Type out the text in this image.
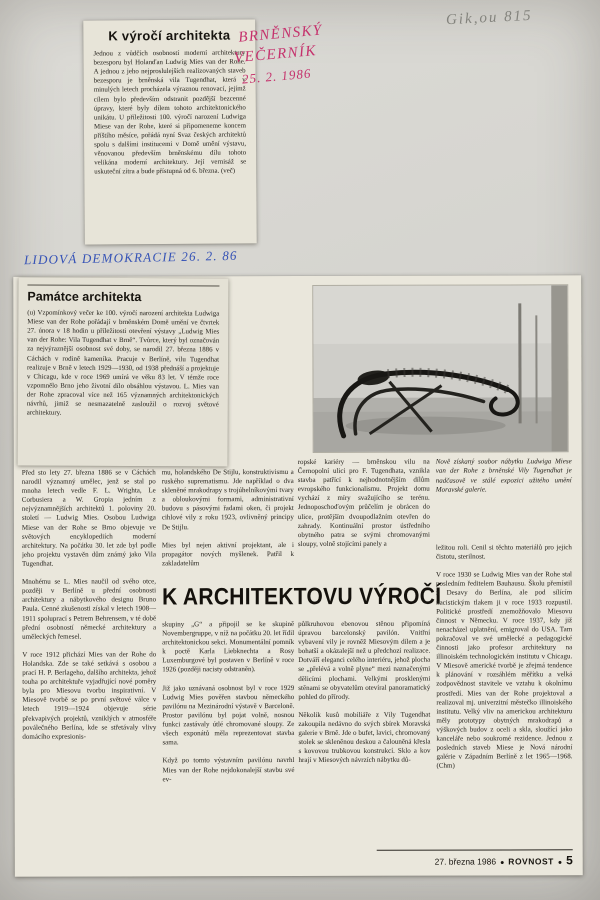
BRNĚNSKÝ
VEČERNÍK
25. 2. 1986
Gik,ou 815
LIDOVÁ DEMOKRACIE 26. 2. 86
K výročí architekta

Jednou z vůdčích osobností moderní architektury bezesporu byl Holanďan Ludwig Mies van der Rohe. A jednou z jeho nejproslulejších realizovaných staveb bezesporu je brněnská vila Tugendhat, která v minulých letech procházela výraznou renovací, jejímž cílem bylo především odstranit pozdější bezcenné úpravy, které byly dílem tohoto architektonického unikátu. U příležitosti 100. výročí narození Ludwiga Miese van der Rohe, které si připomeneme koncem příštího měsíce, pořádá nyní Svaz českých architektů spolu s dalšími institucemi v Domě umění výstavu, věnovanou především brněnskému dílu tohoto velikána moderní architektury. Její vernisáž se uskuteční zítra a bude přístupná od 6. března. (več)

Nově získaný soubor nábytku Ludwiga Miese van der Rohe z brněnské Vily Tugendhat je nadčasově ve stálé expozici užitého umění Moravské galerie.

Před sto lety 27. března 1886 se v Cáchách narodil významný umělec, jenž se stal po mnoha letech vedle F. L. Wrighta, Le Corbusiera a W. Gropia jedním z nejvýznamnějších architektů 1. poloviny 20. století — Ludwig Mies. Osobou Ludwiga Miese van der Rohe se Brno objevuje ve světových encyklopediích moderní architektury. Na počátku 30. let zde byl podle jeho projektu vystavěn dům známý jako Vila Tugendhat.

Mnohému se L. Mies naučil od svého otce, později v Berlíně u přední osobnosti architektury a nábytkového designu Bruno Paula. Cenné zkušenosti získal v letech 1908—1911 spoluprací s Petrem Behrensem, v té době přední osobností německé architektury a uměleckých řemesel.

V roce 1912 přichází Mies van der Rohe do Holandska. Zde se také setkává s osobou a prací H. P. Berlageho, dalšího architekta, jehož touha po architektuře vyjadřující nové poměry byla pro Miesovu tvorbu inspirativní. V Miesově tvorbě se po první světové válce v letech 1919—1924 objevuje série překvapivých projektů, vzniklých v atmosféře poválečného Berlína, kde se střetávaly vlivy domácího expresionis-
mu, holandského De Stijlu, konstruktivismu a ruského suprematismu. Jde například o dva skleněné mrakodrapy s trojúhelníkovými tvary a obloukovými formami, administrativní budovu s pásovými řadami oken, či projekt cihlové vily z roku 1923, ovlivněný principy De Stijlu.

Mies byl nejen aktivní projektant, ale i propagátor nových myšlenek. Patřil k zakladatelům
K ARCHITEKTOVU VÝROČÍ
skupiny „G“ a připojil se ke skupině Novembergruppe, v níž na počátku 20. let řídil architektonickou sekci. Monumentální pomník k poctě Karla Liebknechta a Rosy Luxemburgové byl postaven v Berlíně v roce 1926 (později nacisty odstraněn).

Již jako uznávaná osobnost byl v roce 1929 Ludwig Mies pověřen stavbou německého pavilónu na Mezinárodní výstavě v Barceloně. Prostor pavilónu byl pojat volně, nosnou funkci zastávaly útlé chromované sloupy. Ze všech exponátů měla reprezentovat stavba sama.

Když po tomto výstavním pavilónu navrhl Mies van der Rohe nejdokonalejší stavbu své ev-
ropské kariéry — brněnskou vilu na Černopolní ulici pro F. Tugendhata, vznikla stavba patřící k nejhodnotnějším dílům evropského funkcionalismu. Projekt domu vychází z míry svažujícího se terénu. Jednoposchoďovým průčelím je obrácen do ulice, protějším dvoupodlažním otevřen do zahrady. Kontinuální prostor ústředního obytného patra se svými chromovanými sloupy, volně stojícími panely a
půlkruhovou ebenovou stěnou připomíná úpravou barcelonský pavilón. Vnitřní vybavení vily je rovněž Miesovým dílem a je bohatší a okázalejší než u předchozí realizace. Dotváří eleganci celého interiéru, jehož plocha se „přelévá a volně plyne“ mezi naznačenými dělicími plochami. Velkými prosklenými stěnami se obyvatelům otevíral panoramatický pohled do přírody.

Několik kusů mobiliáře z Vily Tugendhat zakoupila nedávno do svých sbírek Moravská galerie v Brně. Jde o bufet, lavici, chromovaný stolek se skleněnou deskou a čalouněná křesla s kovovou trubkovou konstrukcí. Sklo a kov hrají v Miesových návrzích nábytku dů-
ležitou roli. Cenil si těchto materiálů pro jejich čistotu, sterilnost.

V roce 1930 se Ludwig Mies van der Rohe stal posledním ředitelem Bauhausu. Školu přemístil z Desavy do Berlína, ale pod sílícím nacistickým tlakem ji v roce 1933 rozpustil. Politické prostředí znemožňovalo Miesovu činnost v Německu. V roce 1937, kdy již nenacházel uplatnění, emigroval do USA. Tam pokračoval ve své umělecké a pedagogické činnosti jako profesor architektury na illinoiském technologickém institutu v Chicagu. V Miesově americké tvorbě je zřejmá tendence k plánování v rozsáhlém měřítku a velká zodpovědnost stavitele ve vztahu k okolnímu prostředí. Mies van der Rohe projektoval a realizoval mj. univerzitní městečko illinoiského institutu. Velký vliv na americkou architekturu měly prototypy obytných mrakodrapů a výškových budov z oceli a skla, sloužící jako kanceláře nebo soukromé rezidence. Jednou z posledních staveb Miese je Nová národní galérie v Západním Berlíně z let 1965—1968. (Chm)
27. března 1986 ● ROVNOST ● 5
Památce architekta

(u) Vzpomínkový večer ke 100. výročí narození architekta Ludwiga Miese van der Rohe pořádají v brněnském Domě umění ve čtvrtek 27. února v 18 hodin u příležitosti otevření výstavy „Ludwig Mies van der Rohe: Vila Tugendhat v Brně“. Tvůrce, který byl označován za nejvýraznější osobnost své doby, se narodil 27. března 1886 v Cáchách v rodině kameníka. Pracuje v Berlíně, vilu Tugendhat realizuje v Brně v letech 1929—1930, od 1938 přednáší a projektuje v Chicagu, kde v roce 1969 umírá ve věku 83 let. V témže roce vzpomnělo Brno jeho životní dílo obsáhlou výstavou. L. Mies van der Rohe zpracoval více než 165 významných architektonických návrhů, jimiž se nesmazatelně zasloužil o rozvoj světové architektury.
